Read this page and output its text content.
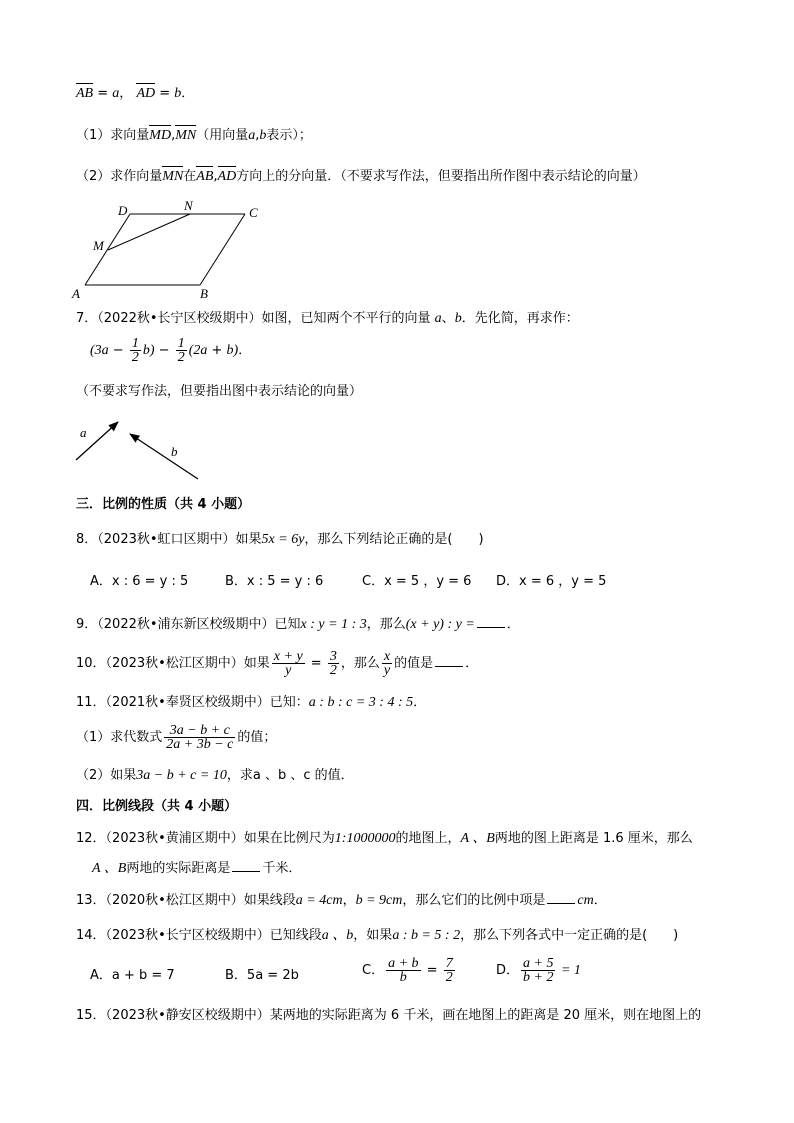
AB = a， AD = b．
（1）求向量MD,MN（用向量a,b表示）；
（2）求作向量MN在AB,AD方向上的分向量．（不要求写作法，但要指出所作图中表示结论的向量）
D	N	C
M
A	B
7．（2022秋•长宁区校级期中）如图，已知两个不平行的向量 a、b．先化简，再求作：
$(3a - \frac{1}{2} b) - \frac{1}{2} (2a + b)$．
（不要求写作法，但要指出图中表示结论的向量）
a
b
三．比例的性质（共 4 小题）
8．（2023秋•虹口区期中）如果5x = 6y，那么下列结论正确的是(　　)
A．x : 6 = y : 5	B．x : 5 = y : 6	C．x = 5 ，y = 6 D．x = 6 ，y = 5
9．（2022秋•浦东新区校级期中）已知x : y = 1 : 3，那么(x + y) : y = ．
10．（2023秋•松江区期中）如果 $\frac{x + y}{y} = \frac{3}{2}$ ，那么 $\frac{x}{y}$ 的值是 ．
11．（2021秋•奉贤区校级期中）已知：a : b : c = 3 : 4 : 5．
（1）求代数式 $\frac{3a - b + c}{2a + 3b - c}$ 的值；
（2）如果3a − b + c = 10，求a 、b 、c 的值．
四．比例线段（共 4 小题）
12．（2023秋•黄浦区期中）如果在比例尺为1:1000000的地图上，A 、B两地的图上距离是 1.6 厘米，那么
A 、B两地的实际距离是 千米．
13．（2020秋•松江区期中）如果线段a = 4cm，b = 9cm，那么它们的比例中项是 cm．
14．（2023秋•长宁区校级期中）已知线段a 、b，如果a : b = 5 : 2，那么下列各式中一定正确的是(　　)
A．a + b = 7	B．5a = 2b	C． $\frac{a + b}{b} = \frac{7}{2}$	D． $\frac{a + 5}{b + 2} = 1$
15．（2023秋•静安区校级期中）某两地的实际距离为 6 千米，画在地图上的距离是 20 厘米，则在地图上的
